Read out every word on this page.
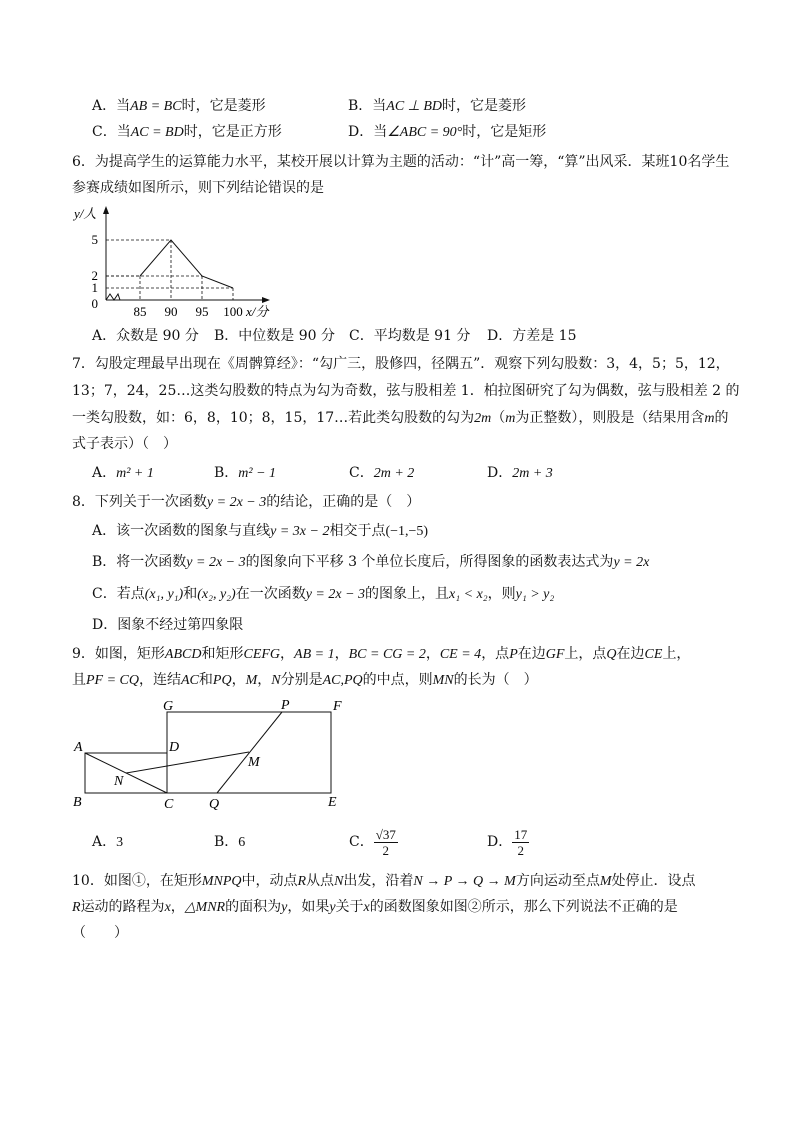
A．当AB = BC时，它是菱形	B．当AC ⊥ BD时，它是菱形
C．当AC = BD时，它是正方形	D．当∠ABC = 90°时，它是矩形
6．为提高学生的运算能力水平，某校开展以计算为主题的活动：“计”高一筹，“算”出风采．某班10名学生
参赛成绩如图所示，则下列结论错误的是
85 90 95 100
5
2
1
0
y/人
x/分
A．众数是 90 分 B．中位数是 90 分 C．平均数是 91 分 D．方差是 15
7．勾股定理最早出现在《周髀算经》：“勾广三，股修四，径隅五”．观察下列勾股数：3，4，5；5，12，
13；7，24，25…这类勾股数的特点为勾为奇数，弦与股相差 1．柏拉图研究了勾为偶数，弦与股相差 2 的
一类勾股数，如：6，8，10；8，15，17…若此类勾股数的勾为2m（m为正整数），则股是（结果用含m的
式子表示）（　）
A．m² + 1	B．m² − 1	C．2m + 2	D．2m + 3
8．下列关于一次函数y = 2x − 3的结论，正确的是（　）
A．该一次函数的图象与直线y = 3x − 2相交于点(−1,−5)
B．将一次函数y = 2x − 3的图象向下平移 3 个单位长度后，所得图象的函数表达式为y = 2x
C．若点(x₁, y₁)和(x₂, y₂)在一次函数y = 2x − 3的图象上，且x₁ < x₂，则y₁ > y₂
D．图象不经过第四象限
9．如图，矩形ABCD和矩形CEFG，AB = 1，BC = CG = 2，CE = 4，点P在边GF上，点Q在边CE上，
且PF = CQ，连结AC和PQ，M，N分别是AC,PQ的中点，则MN的长为（　）
A
B	C
D
E
F
G	P
Q
M
N
A．3	B．6	C． $\frac{√37}{2}$	D． $\frac{17}{2}$
10．如图①，在矩形MNPQ中，动点R从点N出发，沿着N → P → Q → M方向运动至点M处停止．设点
R运动的路程为x，△MNR的面积为y，如果y关于x的函数图象如图②所示，那么下列说法不正确的是
（　　）
